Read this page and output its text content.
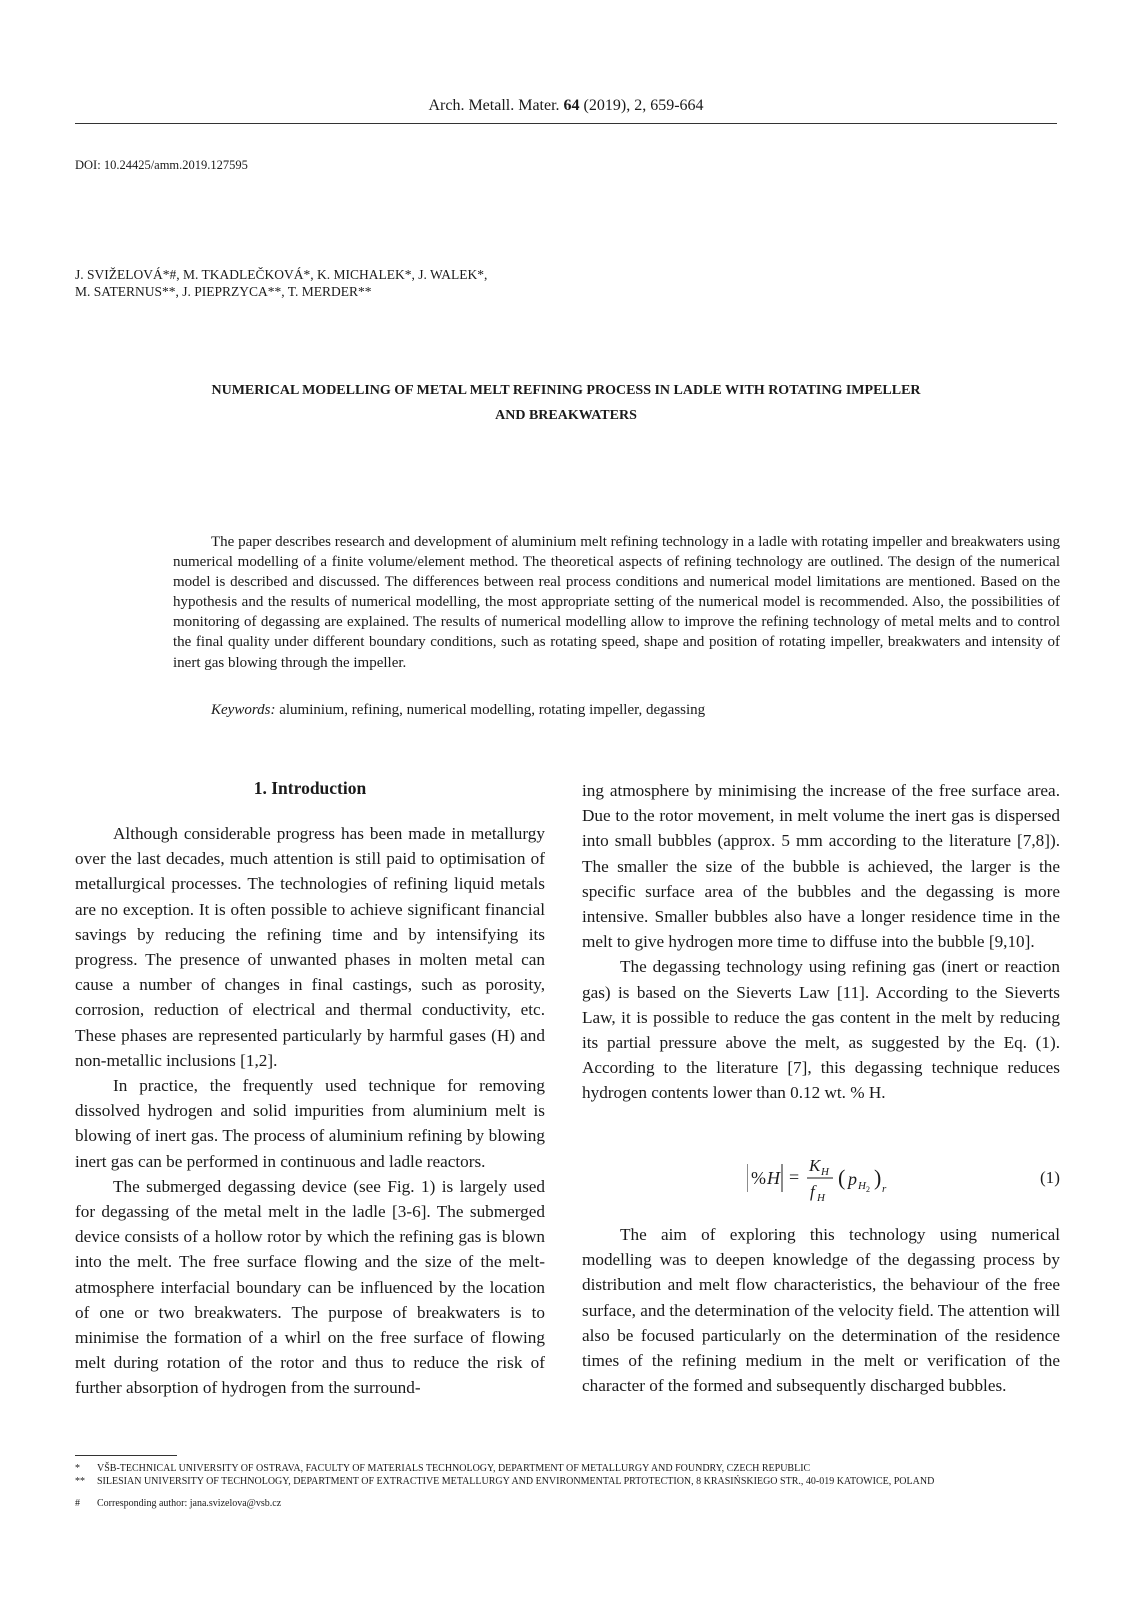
Arch. Metall. Mater. 64 (2019), 2, 659-664
DOI: 10.24425/amm.2019.127595

J. SVIŽELOVÁ*#, M. TKADLEČKOVÁ*, K. MICHALEK*, J. WALEK*,

M. SATERNUS**, J. PIEPRZYCA**, T. MERDER**

NUMERICAL MODELLING OF METAL MELT REFINING PROCESS IN LADLE WITH ROTATING IMPELLER
AND BREAKWATERS
The paper describes research and development of aluminium melt refining technology in a ladle with rotating impeller and breakwaters using numerical modelling of a finite volume/element method. The theoretical aspects of refining technology are outlined. The design of the numerical model is described and discussed. The differences between real process conditions and numerical model limitations are mentioned. Based on the hypothesis and the results of numerical modelling, the most appropriate setting of the numerical model is recommended. Also, the possibilities of monitoring of degassing are explained. The results of numerical modelling allow to improve the refining technology of metal melts and to control the final quality under different boundary conditions, such as rotating speed, shape and position of rotating impeller, breakwaters and intensity of inert gas blowing through the impeller.
Keywords: aluminium, refining, numerical modelling, rotating impeller, degassing
1. Introduction

Although considerable progress has been made in metallurgy over the last decades, much attention is still paid to optimisation of metallurgical processes. The technologies of refining liquid metals are no exception. It is often possible to achieve significant financial savings by reducing the refining time and by intensifying its progress. The presence of unwanted phases in molten metal can cause a number of changes in final castings, such as porosity, corrosion, reduction of electrical and thermal conductivity, etc. These phases are represented particularly by harmful gases (H) and non-metallic inclusions [1,2].

In practice, the frequently used technique for removing dissolved hydrogen and solid impurities from aluminium melt is blowing of inert gas. The process of aluminium refining by blowing inert gas can be performed in continuous and ladle reactors.

The submerged degassing device (see Fig. 1) is largely used for degassing of the metal melt in the ladle [3-6]. The submerged device consists of a hollow rotor by which the refining gas is blown into the melt. The free surface flowing and the size of the melt-atmosphere interfacial boundary can be influenced by the location of one or two breakwaters. The purpose of breakwaters is to minimise the formation of a whirl on the free surface of flowing melt during rotation of the rotor and thus to reduce the risk of further absorption of hydrogen from the surround-

ing atmosphere by minimising the increase of the free surface area. Due to the rotor movement, in melt volume the inert gas is dispersed into small bubbles (approx. 5 mm according to the literature [7,8]). The smaller the size of the bubble is achieved, the larger is the specific surface area of the bubbles and the degassing is more intensive. Smaller bubbles also have a longer residence time in the melt to give hydrogen more time to diffuse into the bubble [9,10].

The degassing technology using refining gas (inert or reaction gas) is based on the Sieverts Law [11]. According to the Sieverts Law, it is possible to reduce the gas content in the melt by reducing its partial pressure above the melt, as suggested by the Eq. (1). According to the literature [7], this degassing technique reduces hydrogen contents lower than 0.12 wt. % H.

% H =
K H
f H
( p H 2 ) r
(1)

The aim of exploring this technology using numerical modelling was to deepen knowledge of the degassing process by distribution and melt flow characteristics, the behaviour of the free surface, and the determination of the velocity field. The attention will also be focused particularly on the determination of the residence times of the refining medium in the melt or verification of the character of the formed and subsequently discharged bubbles.

* VŠB-TECHNICAL UNIVERSITY OF OSTRAVA, FACULTY OF MATERIALS TECHNOLOGY, DEPARTMENT OF METALLURGY AND FOUNDRY, CZECH REPUBLIC
** SILESIAN UNIVERSITY OF TECHNOLOGY, DEPARTMENT OF EXTRACTIVE METALLURGY AND ENVIRONMENTAL PRTOTECTION, 8 KRASIŃSKIEGO STR., 40-019 KATOWICE, POLAND
# Corresponding author: jana.svizelova@vsb.cz
